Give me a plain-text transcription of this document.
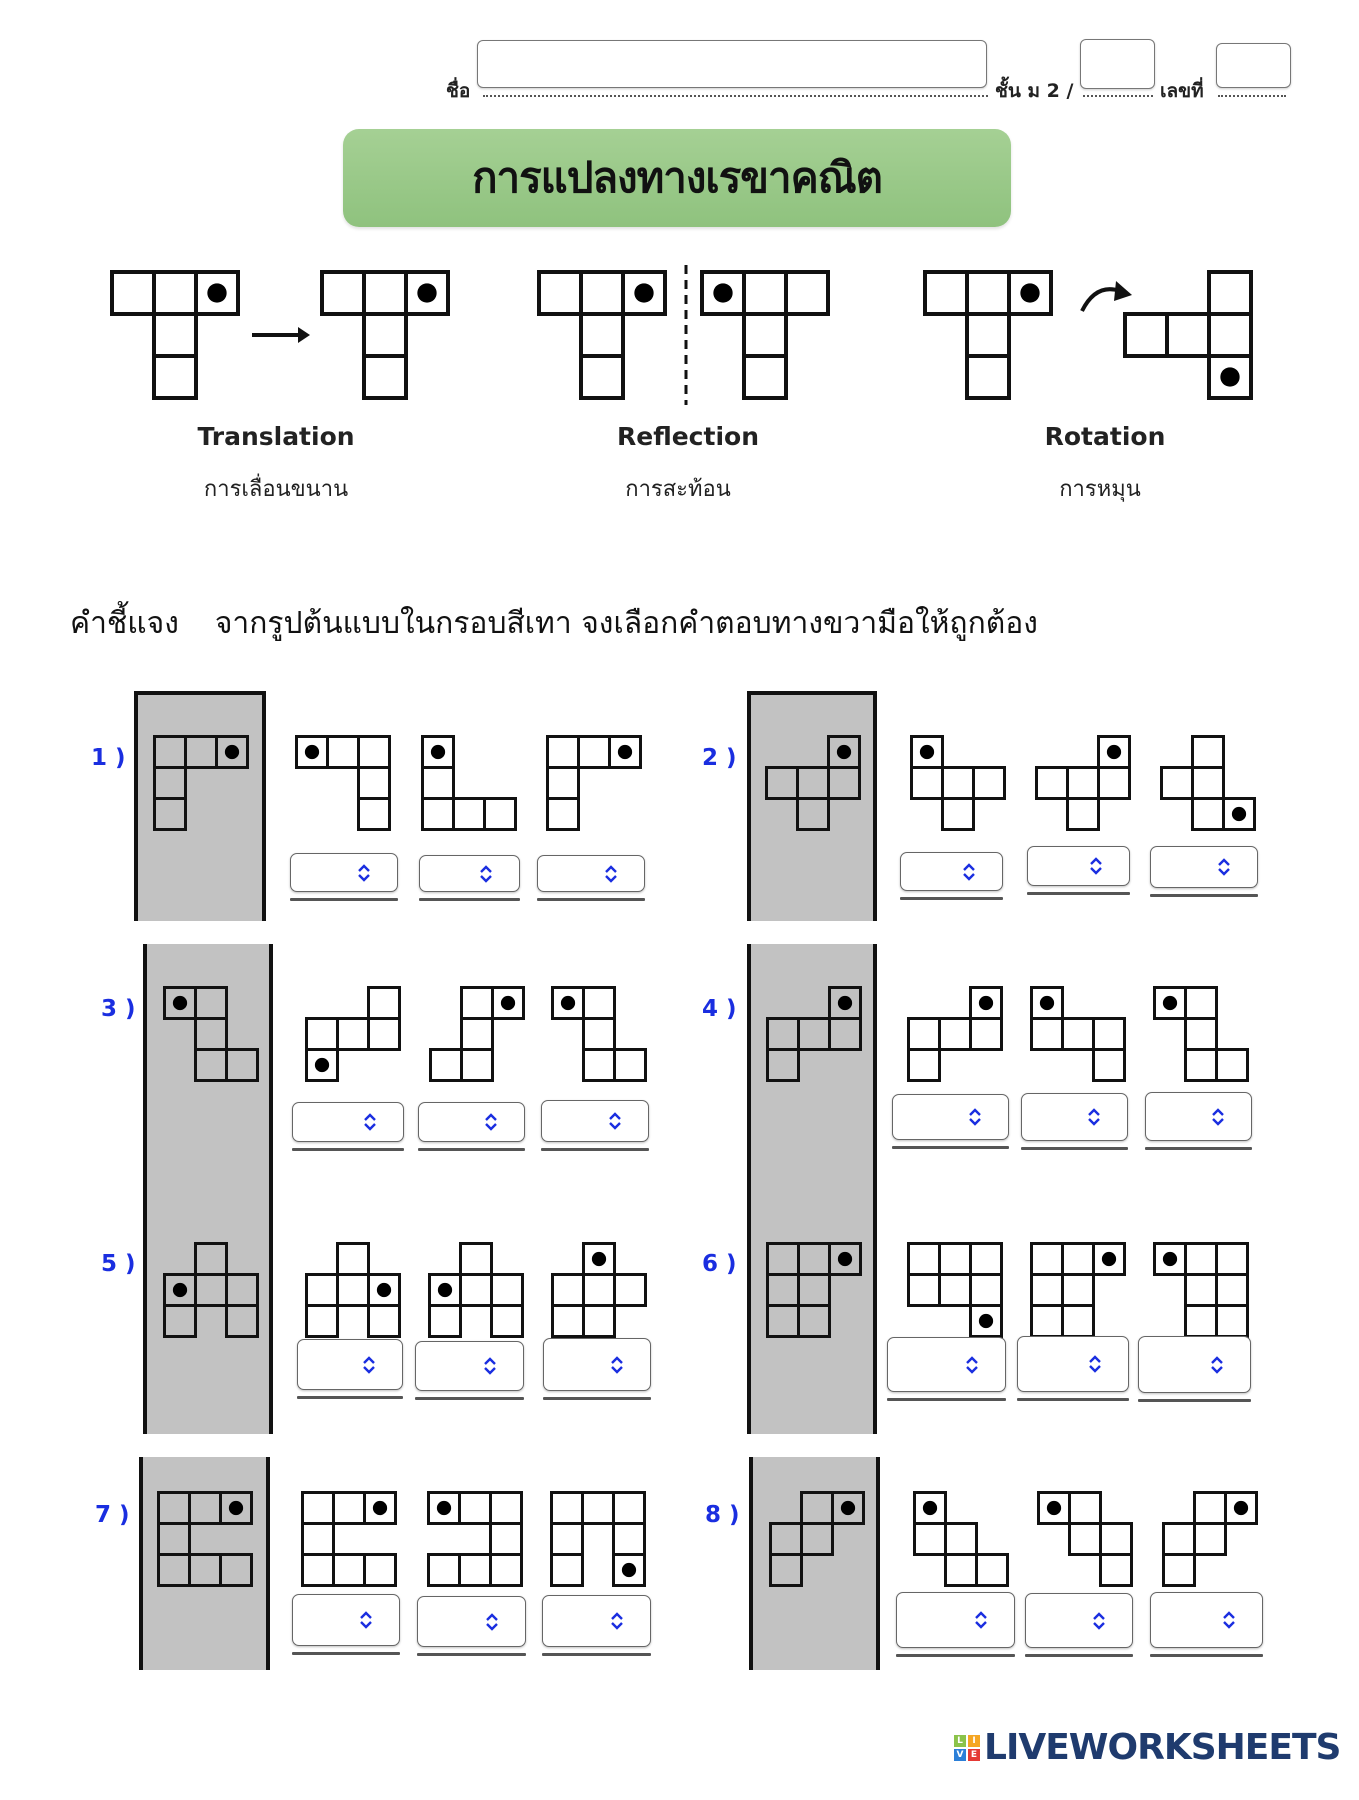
ชื่อ	ชั้น ม 2 /	เลขที่
การแปลงทางเรขาคณิต
Translation
การเลื่อนขนาน
Reflection
การสะท้อน
Rotation
การหมุน
คำชี้แจง จากรูปต้นแบบในกรอบสีเทา จงเลือกคำตอบทางขวามือให้ถูกต้อง
1 )	2 )
3 )	4 )
5 )	6 )
7 )	8 )
L	I
V E LIVEWORKSHEETS
